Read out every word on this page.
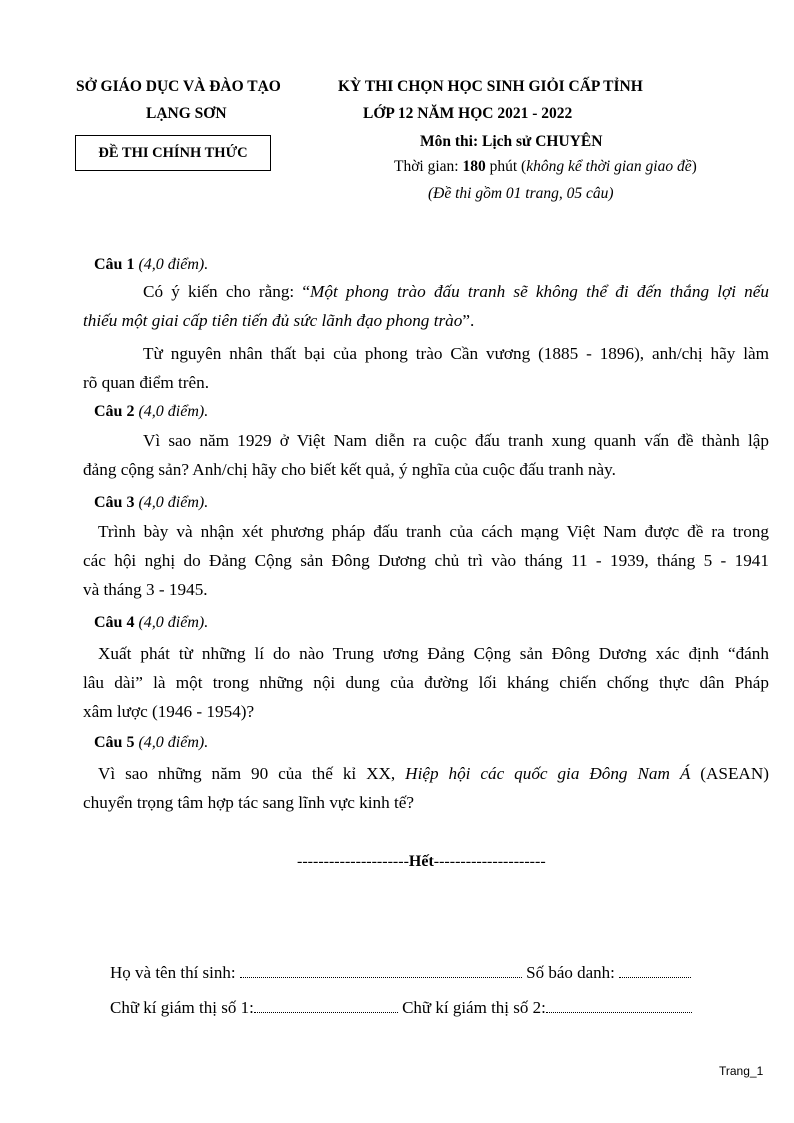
SỞ GIÁO DỤC VÀ ĐÀO TẠO
LẠNG SƠN
ĐỀ THI CHÍNH THỨC
KỲ THI CHỌN HỌC SINH GIỎI CẤP TỈNH
LỚP 12 NĂM HỌC 2021 - 2022
Môn thi: Lịch sử CHUYÊN
Thời gian: 180 phút (không kể thời gian giao đề)
(Đề thi gồm 01 trang, 05 câu)
Câu 1 (4,0 điểm).
Có ý kiến cho rằng: “Một phong trào đấu tranh sẽ không thể đi đến thắng lợi nếu
thiếu một giai cấp tiên tiến đủ sức lãnh đạo phong trào”.
Từ nguyên nhân thất bại của phong trào Cần vương (1885 - 1896), anh/chị hãy làm
rõ quan điểm trên.
Câu 2 (4,0 điểm).
Vì sao năm 1929 ở Việt Nam diễn ra cuộc đấu tranh xung quanh vấn đề thành lập
đảng cộng sản? Anh/chị hãy cho biết kết quả, ý nghĩa của cuộc đấu tranh này.
Câu 3 (4,0 điểm).
Trình bày và nhận xét phương pháp đấu tranh của cách mạng Việt Nam được đề ra trong
các hội nghị do Đảng Cộng sản Đông Dương chủ trì vào tháng 11 - 1939, tháng 5 - 1941
và tháng 3 - 1945.
Câu 4 (4,0 điểm).
Xuất phát từ những lí do nào Trung ương Đảng Cộng sản Đông Dương xác định “đánh
lâu dài” là một trong những nội dung của đường lối kháng chiến chống thực dân Pháp
xâm lược (1946 - 1954)?
Câu 5 (4,0 điểm).
Vì sao những năm 90 của thế kỉ XX, Hiệp hội các quốc gia Đông Nam Á (ASEAN)
chuyển trọng tâm hợp tác sang lĩnh vực kinh tế?
---------------------Hết---------------------
Họ và tên thí sinh:	Số báo danh:
Chữ kí giám thị số 1:	Chữ kí giám thị số 2:
Trang_1
